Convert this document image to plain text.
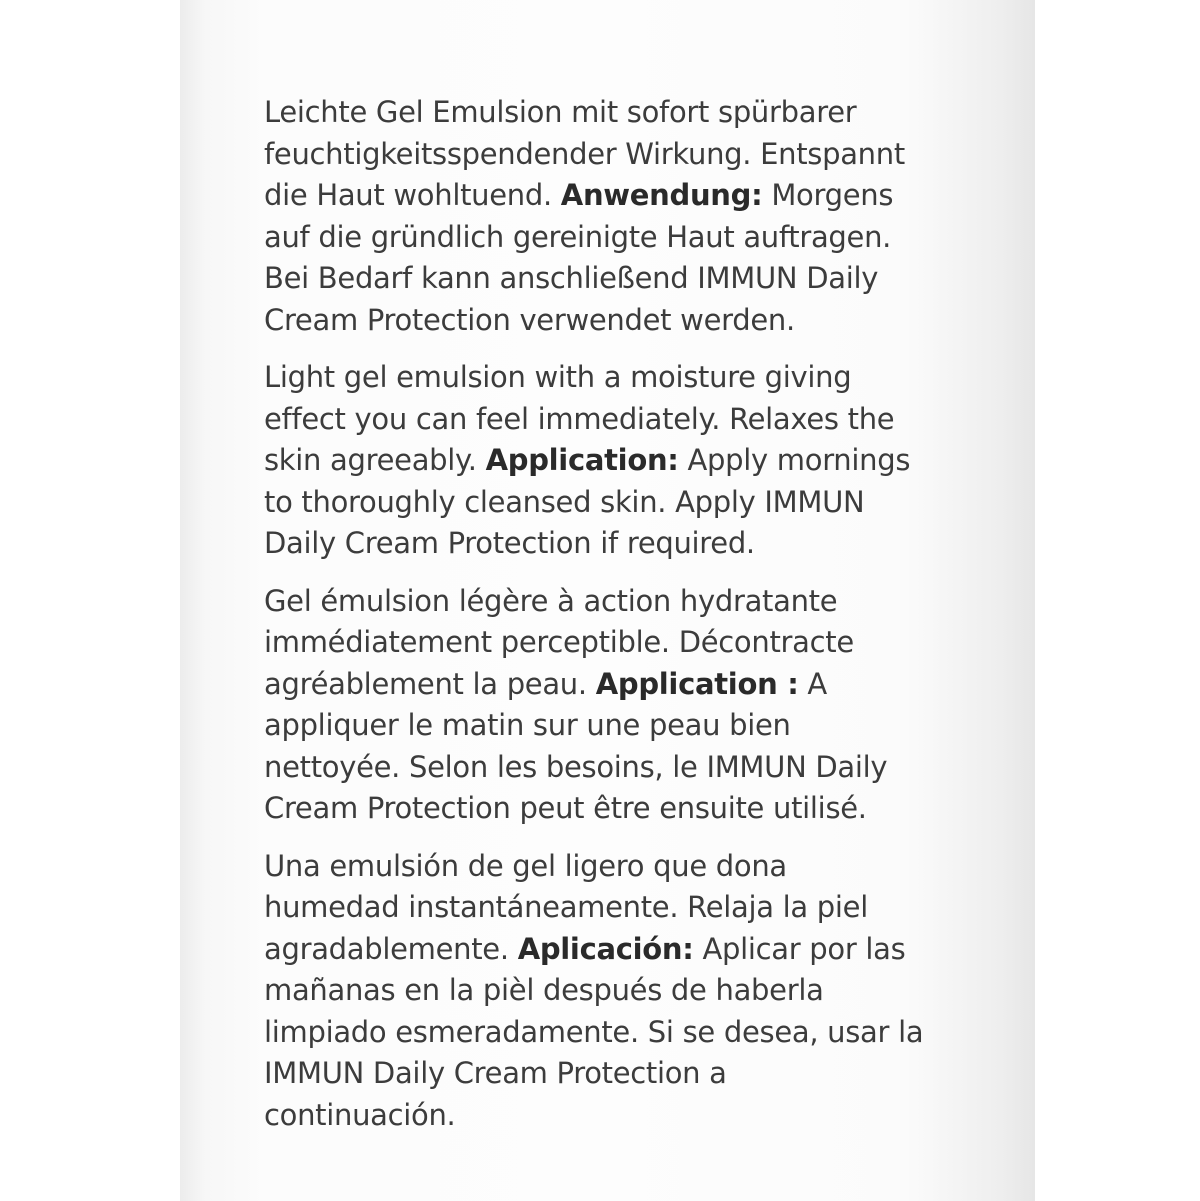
Leichte Gel Emulsion mit sofort spürbarer
feuchtigkeitsspendender Wirkung. Entspannt
die Haut wohltuend. Anwendung: Morgens
auf die gründlich gereinigte Haut auftragen.
Bei Bedarf kann anschließend IMMUN Daily
Cream Protection verwendet werden.
Light gel emulsion with a moisture giving
effect you can feel immediately. Relaxes the
skin agreeably. Application: Apply mornings
to thoroughly cleansed skin. Apply IMMUN
Daily Cream Protection if required.
Gel émulsion légère à action hydratante
immédiatement perceptible. Décontracte
agréablement la peau. Application : A
appliquer le matin sur une peau bien
nettoyée. Selon les besoins, le IMMUN Daily
Cream Protection peut être ensuite utilisé.
Una emulsión de gel ligero que dona
humedad instantáneamente. Relaja la piel
agradablemente. Aplicación: Aplicar por las
mañanas en la pièl después de haberla
limpiado esmeradamente. Si se desea, usar la
IMMUN Daily Cream Protection a
continuación.
